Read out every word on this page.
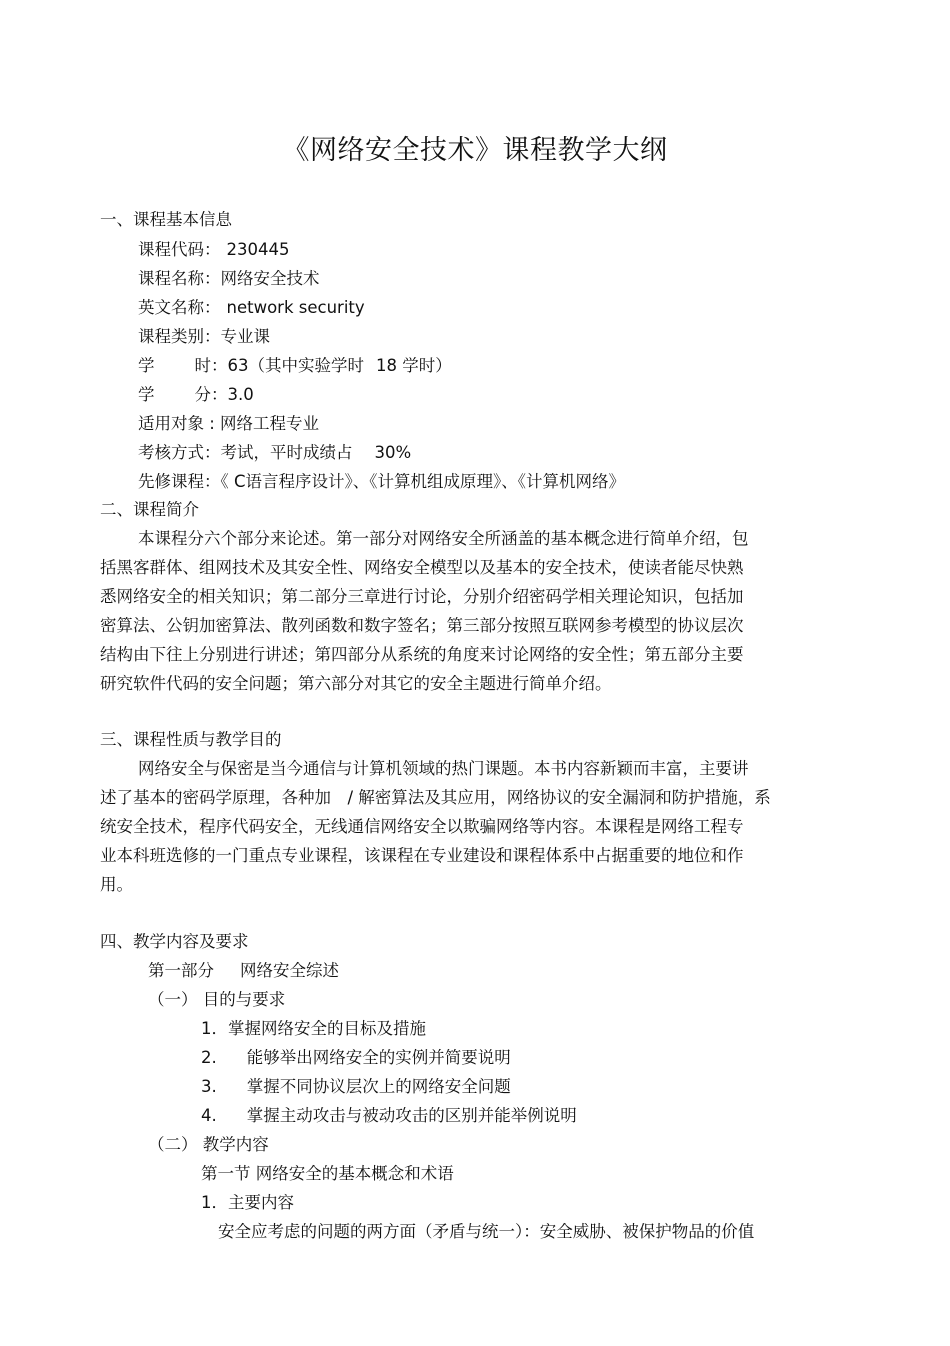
《网络安全技术》课程教学大纲
一、课程基本信息
课程代码： 230445
课程名称：网络安全技术
英文名称： network security
课程类别：专业课
学 时：63（其中实验学时 18 学时）
学 分：3.0
适用对象 : 网络工程专业
考核方式：考试，平时成绩占 30%
先修课程：《 C语言程序设计》、《计算机组成原理》、《计算机网络》
二、课程简介
本课程分六个部分来论述。第一部分对网络安全所涵盖的基本概念进行简单介绍，包
括黑客群体、组网技术及其安全性、网络安全模型以及基本的安全技术，使读者能尽快熟
悉网络安全的相关知识；第二部分三章进行讨论，分别介绍密码学相关理论知识，包括加
密算法、公钥加密算法、散列函数和数字签名；第三部分按照互联网参考模型的协议层次
结构由下往上分别进行讲述；第四部分从系统的角度来讨论网络的安全性；第五部分主要
研究软件代码的安全问题；第六部分对其它的安全主题进行简单介绍。
三、课程性质与教学目的
网络安全与保密是当今通信与计算机领域的热门课题。本书内容新颖而丰富，主要讲
述了基本的密码学原理，各种加　/ 解密算法及其应用，网络协议的安全漏洞和防护措施，系
统安全技术，程序代码安全，无线通信网络安全以欺骗网络等内容。本课程是网络工程专
业本科班选修的一门重点专业课程，该课程在专业建设和课程体系中占据重要的地位和作
用。
四、教学内容及要求
第一部分 网络安全综述
（一） 目的与要求
1．掌握网络安全的目标及措施
2. 能够举出网络安全的实例并简要说明
3. 掌握不同协议层次上的网络安全问题
4. 掌握主动攻击与被动攻击的区别并能举例说明
（二） 教学内容
第一节 网络安全的基本概念和术语
1．主要内容
安全应考虑的问题的两方面（矛盾与统一）：安全威胁、被保护物品的价值
